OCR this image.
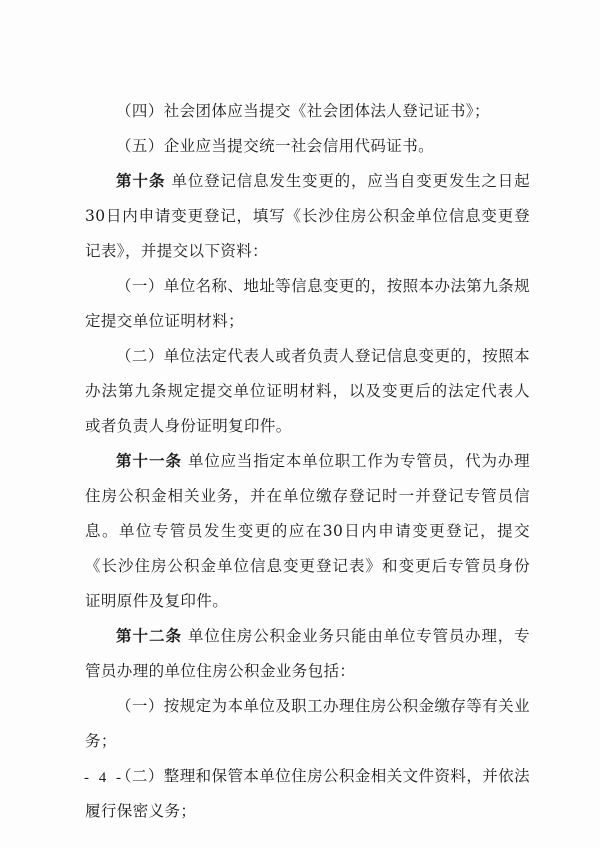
（四）社会团体应当提交《社会团体法人登记证书》；

（五）企业应当提交统一社会信用代码证书。

第十条 单位登记信息发生变更的，应当自变更发生之日起30日内申请变更登记，填写《长沙住房公积金单位信息变更登记表》，并提交以下资料：

（一）单位名称、地址等信息变更的，按照本办法第九条规定提交单位证明材料；

（二）单位法定代表人或者负责人登记信息变更的，按照本办法第九条规定提交单位证明材料，以及变更后的法定代表人或者负责人身份证明复印件。

第十一条 单位应当指定本单位职工作为专管员，代为办理住房公积金相关业务，并在单位缴存登记时一并登记专管员信息。单位专管员发生变更的应在30日内申请变更登记，提交《长沙住房公积金单位信息变更登记表》和变更后专管员身份证明原件及复印件。

第十二条 单位住房公积金业务只能由单位专管员办理，专管员办理的单位住房公积金业务包括：

（一）按规定为本单位及职工办理住房公积金缴存等有关业务；

（二）整理和保管本单位住房公积金相关文件资料，并依法履行保密义务；

- 4 -
